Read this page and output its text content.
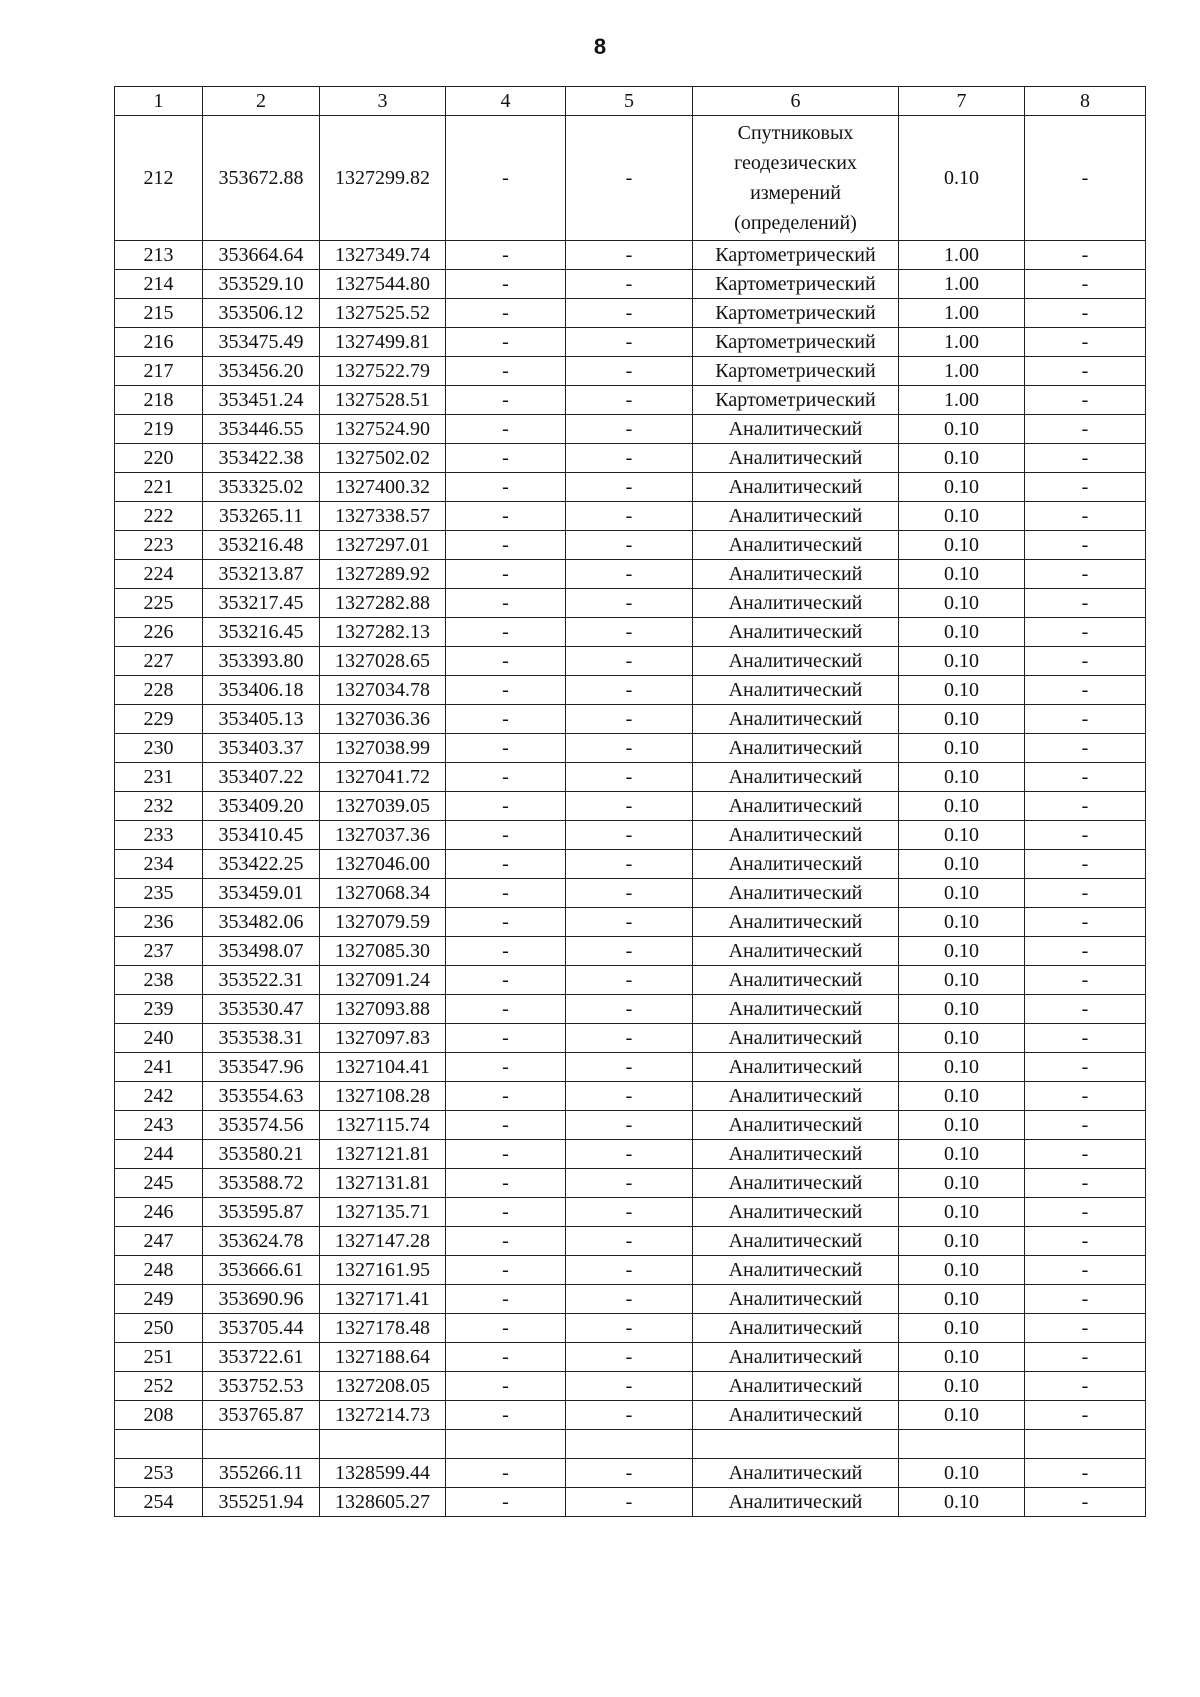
8
1	2	3	4	5	6	7	8
212	353672.88	1327299.82	-	-	Спутниковых геодезических измерений (определений)	0.10	-
213	353664.64	1327349.74	-	-	Картометрический	1.00	-
214	353529.10	1327544.80	-	-	Картометрический	1.00	-
215	353506.12	1327525.52	-	-	Картометрический	1.00	-
216	353475.49	1327499.81	-	-	Картометрический	1.00	-
217	353456.20	1327522.79	-	-	Картометрический	1.00	-
218	353451.24	1327528.51	-	-	Картометрический	1.00	-
219	353446.55	1327524.90	-	-	Аналитический	0.10	-
220	353422.38	1327502.02	-	-	Аналитический	0.10	-
221	353325.02	1327400.32	-	-	Аналитический	0.10	-
222	353265.11	1327338.57	-	-	Аналитический	0.10	-
223	353216.48	1327297.01	-	-	Аналитический	0.10	-
224	353213.87	1327289.92	-	-	Аналитический	0.10	-
225	353217.45	1327282.88	-	-	Аналитический	0.10	-
226	353216.45	1327282.13	-	-	Аналитический	0.10	-
227	353393.80	1327028.65	-	-	Аналитический	0.10	-
228	353406.18	1327034.78	-	-	Аналитический	0.10	-
229	353405.13	1327036.36	-	-	Аналитический	0.10	-
230	353403.37	1327038.99	-	-	Аналитический	0.10	-
231	353407.22	1327041.72	-	-	Аналитический	0.10	-
232	353409.20	1327039.05	-	-	Аналитический	0.10	-
233	353410.45	1327037.36	-	-	Аналитический	0.10	-
234	353422.25	1327046.00	-	-	Аналитический	0.10	-
235	353459.01	1327068.34	-	-	Аналитический	0.10	-
236	353482.06	1327079.59	-	-	Аналитический	0.10	-
237	353498.07	1327085.30	-	-	Аналитический	0.10	-
238	353522.31	1327091.24	-	-	Аналитический	0.10	-
239	353530.47	1327093.88	-	-	Аналитический	0.10	-
240	353538.31	1327097.83	-	-	Аналитический	0.10	-
241	353547.96	1327104.41	-	-	Аналитический	0.10	-
242	353554.63	1327108.28	-	-	Аналитический	0.10	-
243	353574.56	1327115.74	-	-	Аналитический	0.10	-
244	353580.21	1327121.81	-	-	Аналитический	0.10	-
245	353588.72	1327131.81	-	-	Аналитический	0.10	-
246	353595.87	1327135.71	-	-	Аналитический	0.10	-
247	353624.78	1327147.28	-	-	Аналитический	0.10	-
248	353666.61	1327161.95	-	-	Аналитический	0.10	-
249	353690.96	1327171.41	-	-	Аналитический	0.10	-
250	353705.44	1327178.48	-	-	Аналитический	0.10	-
251	353722.61	1327188.64	-	-	Аналитический	0.10	-
252	353752.53	1327208.05	-	-	Аналитический	0.10	-
208	353765.87	1327214.73	-	-	Аналитический	0.10	-

253	355266.11	1328599.44	-	-	Аналитический	0.10	-
254	355251.94	1328605.27	-	-	Аналитический	0.10	-
